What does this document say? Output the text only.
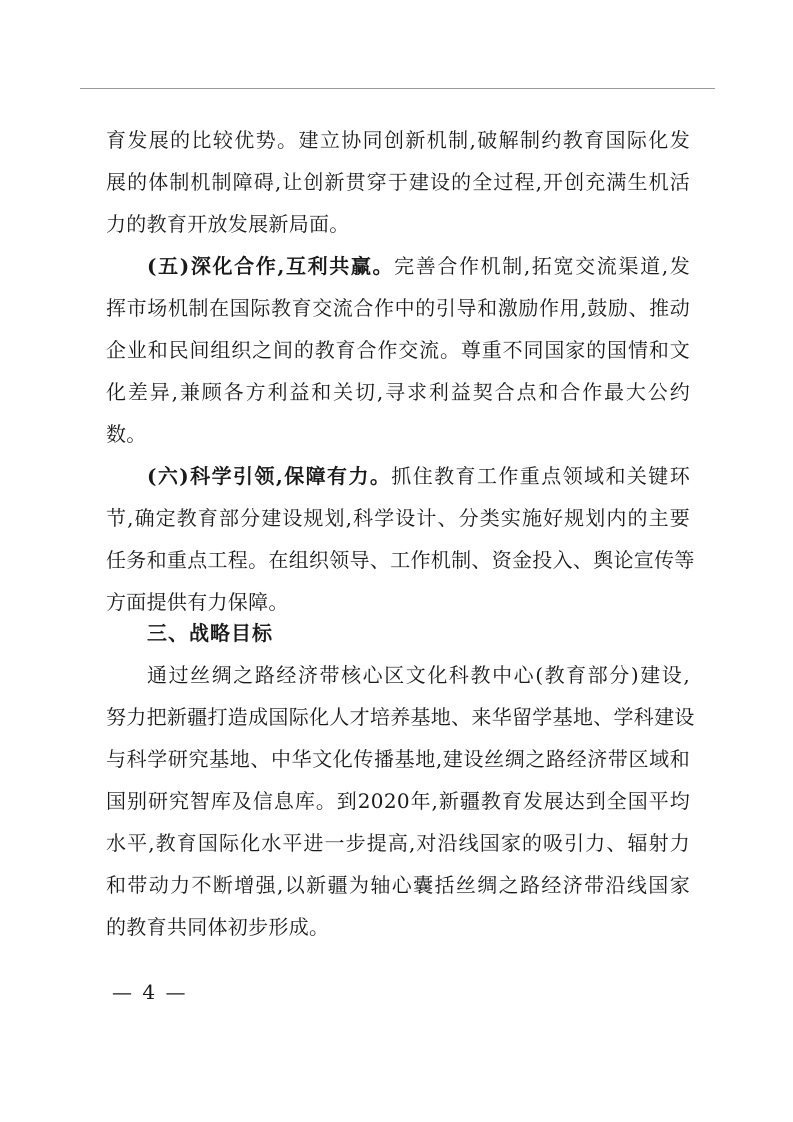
育发展的比较优势。建立协同创新机制,破解制约教育国际化发
展的体制机制障碍,让创新贯穿于建设的全过程,开创充满生机活
力的教育开放发展新局面。
(五)深化合作,互利共赢。完善合作机制,拓宽交流渠道,发
挥市场机制在国际教育交流合作中的引导和激励作用,鼓励、推动
企业和民间组织之间的教育合作交流。尊重不同国家的国情和文
化差异,兼顾各方利益和关切,寻求利益契合点和合作最大公约
数。
(六)科学引领,保障有力。抓住教育工作重点领域和关键环
节,确定教育部分建设规划,科学设计、分类实施好规划内的主要
任务和重点工程。在组织领导、工作机制、资金投入、舆论宣传等
方面提供有力保障。
三、战略目标
通过丝绸之路经济带核心区文化科教中心(教育部分)建设,
努力把新疆打造成国际化人才培养基地、来华留学基地、学科建设
与科学研究基地、中华文化传播基地,建设丝绸之路经济带区域和
国别研究智库及信息库。到2020年,新疆教育发展达到全国平均
水平,教育国际化水平进一步提高,对沿线国家的吸引力、辐射力
和带动力不断增强,以新疆为轴心囊括丝绸之路经济带沿线国家
的教育共同体初步形成。
— 4 —
